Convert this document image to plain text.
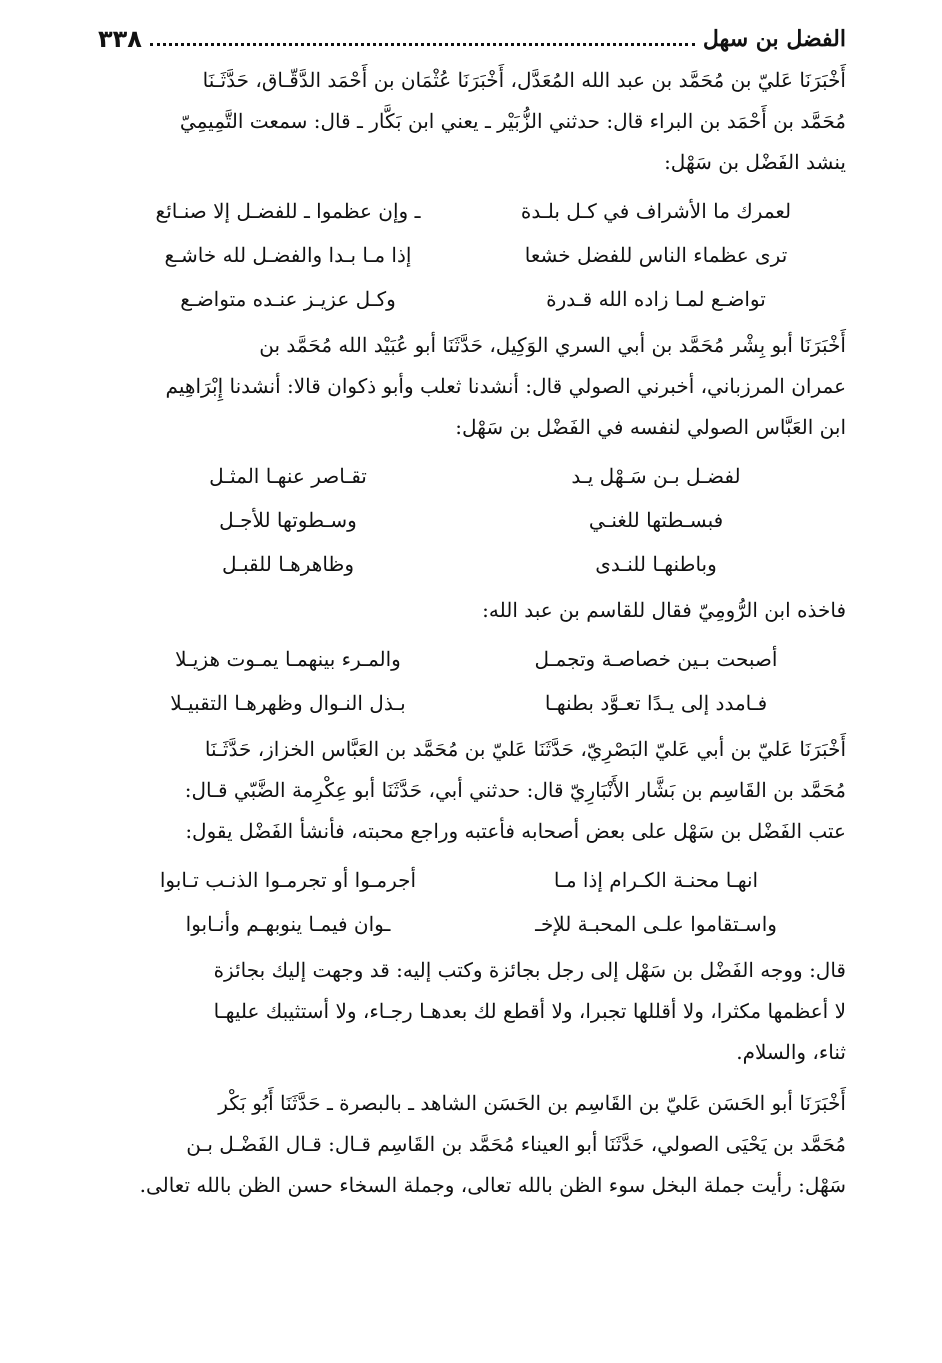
٣٣٨	الفضل بن سهل
أَخْبَرَنَا عَليّ بن مُحَمَّد بن عبد الله المُعَدَّل، أَخْبَرَنَا عُثْمَان بن أَحْمَد الدَّقّـاق، حَدَّثَـنَا
مُحَمَّد بن أَحْمَد بن البراء قال: حدثني الزُّبَيْر ـ يعني ابن بَكَّار ـ قال: سمعت التَّمِيمِيّ
ينشد الفَضْل بن سَهْل:
لعمرك ما الأشراف في كـل بلـدة
ـ وإن عظموا ـ للفضـل إلا صنـائع
ترى عظماء الناس للفضل خشعا
إذا مـا بـدا والفضـل لله خاشـع
تواضـع لمـا زاده الله قـدرة
وكـل عزيـز عنـده متواضـع
أَخْبَرَنَا أبو بِشْر مُحَمَّد بن أبي السري الوَكِيل، حَدَّثَنَا أبو عُبَيْد الله مُحَمَّد بن
عمران المرزباني، أخبرني الصولي قال: أنشدنا ثعلب وأبو ذكوان قالا: أنشدنا إِبْرَاهِيم
ابن العَبَّاس الصولي لنفسه في الفَضْل بن سَهْل:
لفضـل بـن سَـهْل يـد
تقـاصر عنهـا المثـل
فبسـطتها للغنـي
وسـطوتها للأجـل
وباطنهـا للنـدى
وظاهرهـا للقبـل
فاخذه ابن الرُّومِيّ فقال للقاسم بن عبد الله:
أصبحت بـين خصاصـة وتجمـل
والمـرء بينهمـا يمـوت هزيـلا
فـامدد إلى يـدًا تعـوَّد بطنهـا
بـذل النـوال وظهرهـا التقبيـلا
أَخْبَرَنَا عَليّ بن أبي عَليّ البَصْرِيّ، حَدَّثَنَا عَليّ بن مُحَمَّد بن العَبَّاس الخزاز، حَدَّثَـنَا
مُحَمَّد بن القَاسِم بن بَشَّار الأَنْبَارِيّ قال: حدثني أبي، حَدَّثَنَا أبو عِكْرِمة الضَّبّي قـال:
عتب الفَضْل بن سَهْل على بعض أصحابه فأعتبه وراجع محبته، فأنشأ الفَضْل يقول:
انهـا محنـة الكـرام إذا مـا
أجرمـوا أو تجرمـوا الذنـب تـابوا
واسـتقاموا علـى المحبـة للإخـ
ـوان فيمـا ينوبهـم وأنـابوا
قال: ووجه الفَضْل بن سَهْل إلى رجل بجائزة وكتب إليه: قد وجهت إليك بجائزة
لا أعظمها مكثرا، ولا أقللها تجبرا، ولا أقطع لك بعدهـا رجـاء، ولا أستثيبك عليهـا
ثناء، والسلام.
أَخْبَرَنَا أبو الحَسَن عَليّ بن القَاسِم بن الحَسَن الشاهد ـ بالبصرة ـ حَدَّثَنَا أَبُو بَكْر
مُحَمَّد بن يَحْيَى الصولي، حَدَّثَنَا أبو العيناء مُحَمَّد بن القَاسِم قـال: قـال الفَضْـل بـن
سَهْل: رأيت جملة البخل سوء الظن بالله تعالى، وجملة السخاء حسن الظن بالله تعالى.
